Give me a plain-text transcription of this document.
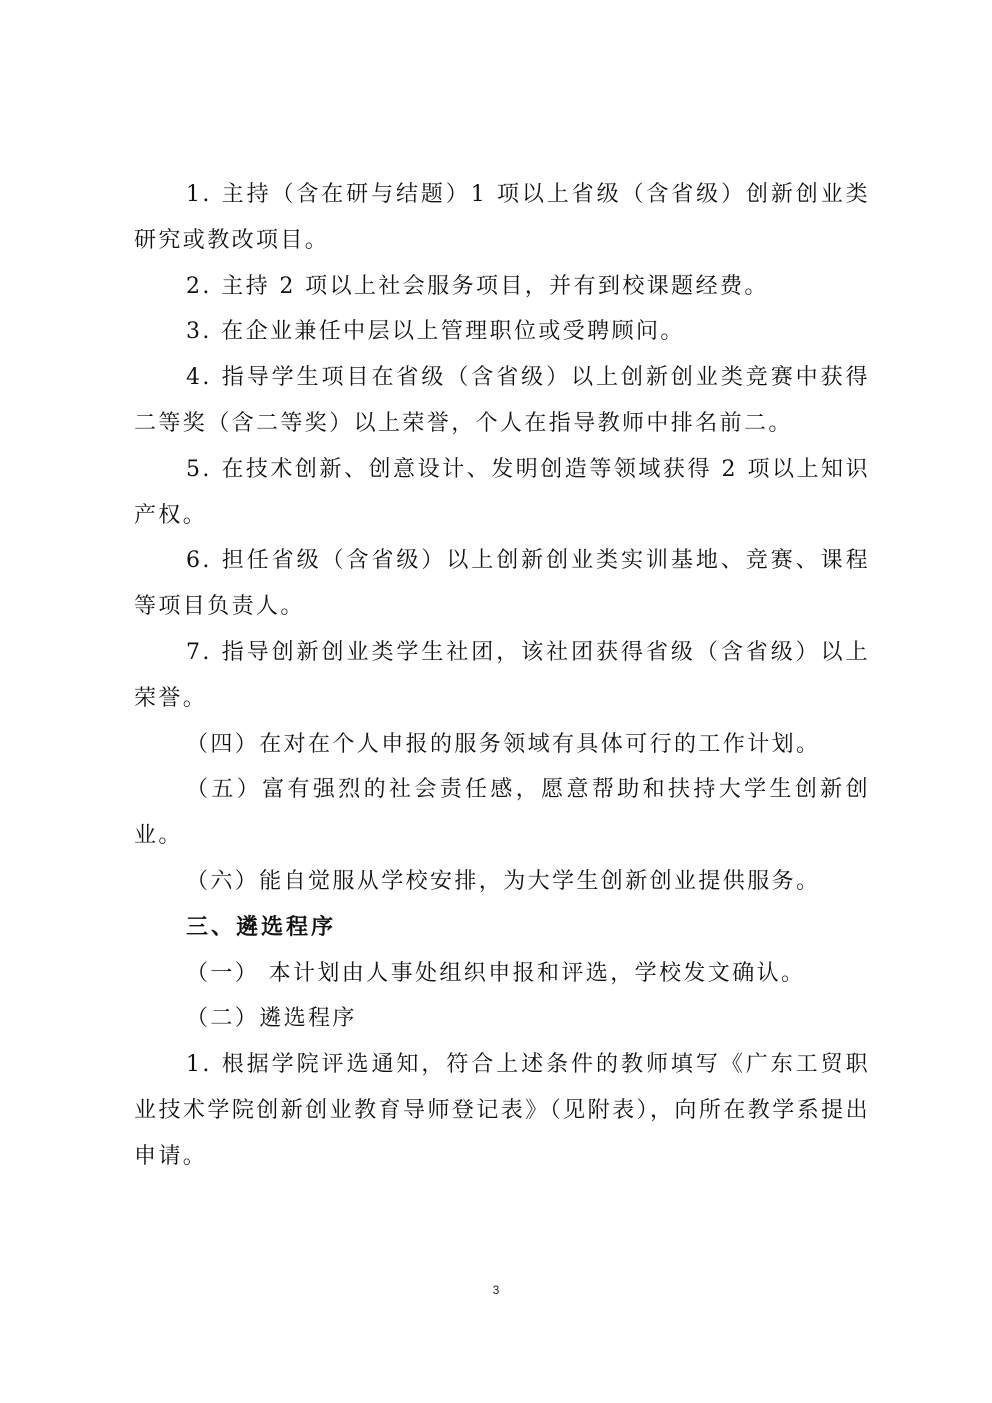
1. 主持（含在研与结题）1 项以上省级（含省级）创新创业类研究或教改项目。

2. 主持 2 项以上社会服务项目，并有到校课题经费。

3. 在企业兼任中层以上管理职位或受聘顾问。

4. 指导学生项目在省级（含省级）以上创新创业类竞赛中获得二等奖（含二等奖）以上荣誉，个人在指导教师中排名前二。

5. 在技术创新、创意设计、发明创造等领域获得 2 项以上知识产权。

6. 担任省级（含省级）以上创新创业类实训基地、竞赛、课程等项目负责人。

7. 指导创新创业类学生社团，该社团获得省级（含省级）以上荣誉。

（四）在对在个人申报的服务领域有具体可行的工作计划。

（五）富有强烈的社会责任感，愿意帮助和扶持大学生创新创业。

（六）能自觉服从学校安排，为大学生创新创业提供服务。

三、遴选程序

（一） 本计划由人事处组织申报和评选，学校发文确认。

（二）遴选程序

1. 根据学院评选通知，符合上述条件的教师填写《广东工贸职业技术学院创新创业教育导师登记表》（见附表），向所在教学系提出申请。

3
